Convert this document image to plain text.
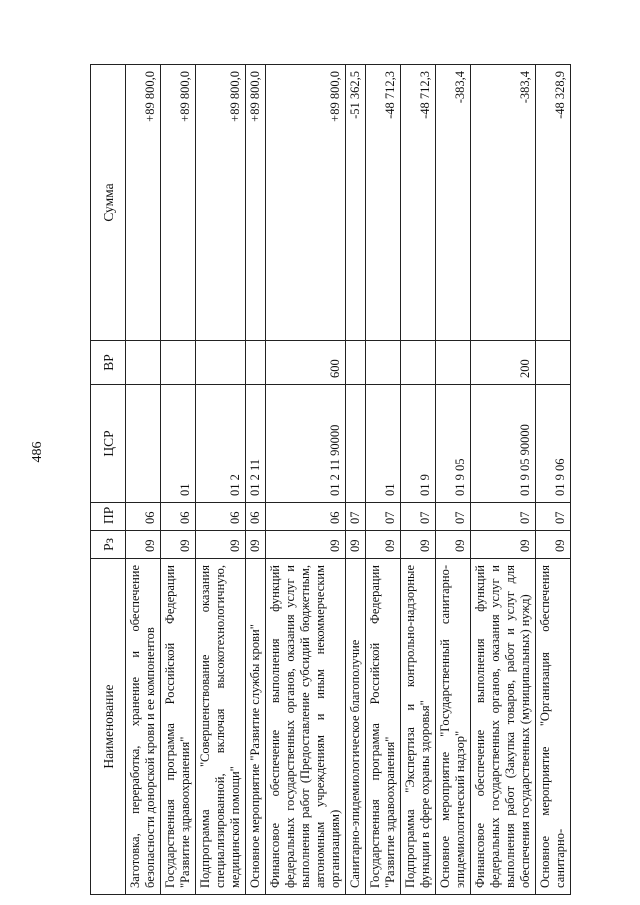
486
Наименование	Рз	ПР	ЦСР	ВР	Сумма
Заготовка, переработка, хранение и обеспечение безопасности донорской крови и ее компонентов	09	06			+89 800,0
Государственная программа Российской Федерации "Развитие здравоохранения"	09	06	01		+89 800,0
Подпрограмма "Совершенствование оказания специализированной, включая высокотехнологичную, медицинской помощи"	09	06	01 2		+89 800,0
Основное мероприятие "Развитие службы крови"	09	06	01 2 11		+89 800,0
Финансовое обеспечение выполнения функций федеральных государственных органов, оказания услуг и выполнения работ (Предоставление субсидий бюджетным, автономным учреждениям и иным некоммерческим организациям)	09	06	01 2 11 90000	600	+89 800,0
Санитарно-эпидемиологическое благополучие	09	07			-51 362,5
Государственная программа Российской Федерации "Развитие здравоохранения"	09	07	01		-48 712,3
Подпрограмма "Экспертиза и контрольно-надзорные функции в сфере охраны здоровья"	09	07	01 9		-48 712,3
Основное мероприятие "Государственный санитарно-эпидемиологический надзор"	09	07	01 9 05		-383,4
Финансовое обеспечение выполнения функций федеральных государственных органов, оказания услуг и выполнения работ (Закупка товаров, работ и услуг для обеспечения государственных (муниципальных) нужд)	09	07	01 9 05 90000	200	-383,4
Основное мероприятие "Организация обеспечения санитарно-	09	07	01 9 06		-48 328,9
